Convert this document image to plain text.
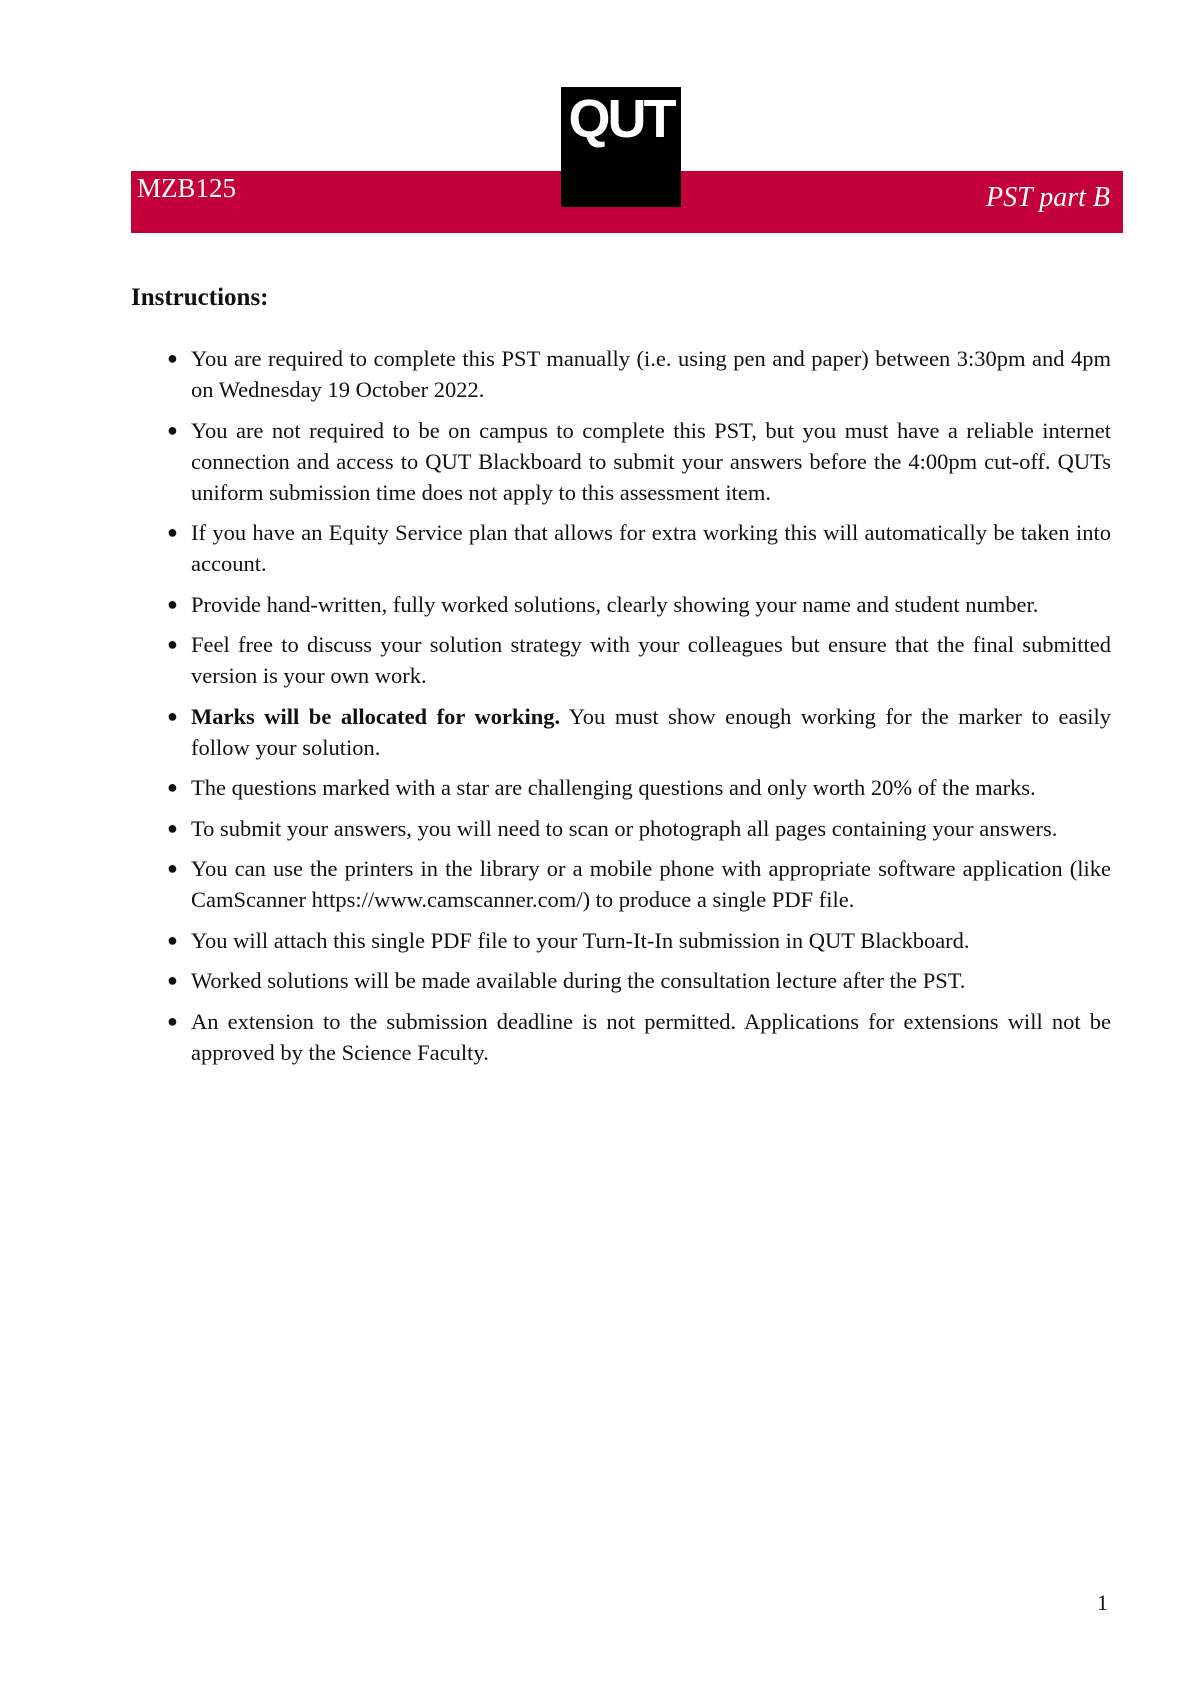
MZB125	PST part B
QUT
Instructions:
● You are required to complete this PST manually (i.e. using pen and paper) between 3:30pm and 4pm on Wednesday 19 October 2022.
● You are not required to be on campus to complete this PST, but you must have a reliable internet connection and access to QUT Blackboard to submit your answers before the 4:00pm cut-off. QUTs uniform submission time does not apply to this assessment item.
● If you have an Equity Service plan that allows for extra working this will automatically be taken into account.
● Provide hand-written, fully worked solutions, clearly showing your name and student number.
● Feel free to discuss your solution strategy with your colleagues but ensure that the final submitted version is your own work.
● Marks will be allocated for working. You must show enough working for the marker to easily follow your solution.
● The questions marked with a star are challenging questions and only worth 20% of the marks.
● To submit your answers, you will need to scan or photograph all pages containing your answers.
● You can use the printers in the library or a mobile phone with appropriate software application (like CamScanner https://www.camscanner.com/) to produce a single PDF file.
● You will attach this single PDF file to your Turn-It-In submission in QUT Blackboard.
● Worked solutions will be made available during the consultation lecture after the PST.
● An extension to the submission deadline is not permitted. Applications for extensions will not be approved by the Science Faculty.
1
